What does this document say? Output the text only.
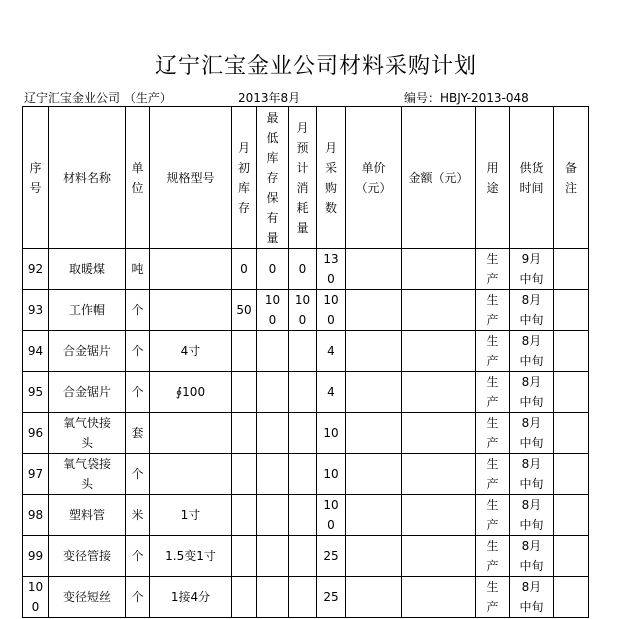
辽宁汇宝金业公司材料采购计划
辽宁汇宝金业公司 （生产）	2013年8月	编号：HBJY-2013-048
序号	材料名称	单位	规格型号	月初库存	最低库存保有量	月预计消耗量	月采购数	单价（元）	金额（元）	用途	供货时间	备注
92	取暖煤	吨		0	0	0	130			生产	9月中旬	
93	工作帽	个		50	100	100	100			生产	8月中旬	
94	合金锯片	个	4寸				4			生产	8月中旬	
95	合金锯片	个	∮100				4			生产	8月中旬	
96	氧气快接头	套					10			生产	8月中旬	
97	氧气袋接头	个					10			生产	8月中旬	
98	塑料管	米	1寸				100			生产	8月中旬	
99	变径管接	个	1.5变1寸				25			生产	8月中旬	
100	变径短丝	个	1接4分				25			生产	8月中旬	
